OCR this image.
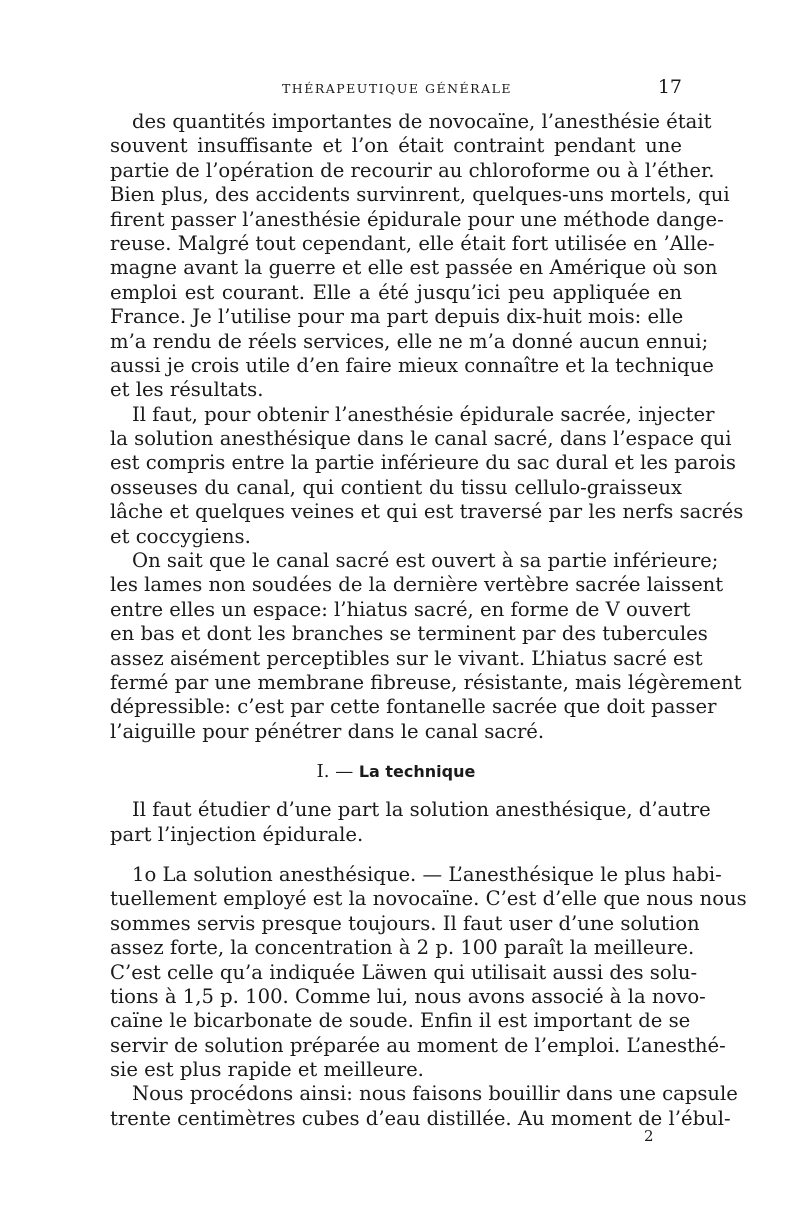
THÉRAPEUTIQUE GÉNÉRALE	17
des quantités importantes de novocaïne, l’anesthésie était
souvent insuffisante et l’on était contraint pendant une
partie de l’opération de recourir au chloroforme ou à l’éther.
Bien plus, des accidents survinrent, quelques-uns mortels, qui
firent passer l’anesthésie épidurale pour une méthode dange-
reuse. Malgré tout cependant, elle était fort utilisée en ’Alle-
magne avant la guerre et elle est passée en Amérique où son
emploi est courant. Elle a été jusqu’ici peu appliquée en
France. Je l’utilise pour ma part depuis dix-huit mois: elle
m’a rendu de réels services, elle ne m’a donné aucun ennui;
aussi je crois utile d’en faire mieux connaître et la technique
et les résultats.
Il faut, pour obtenir l’anesthésie épidurale sacrée, injecter
la solution anesthésique dans le canal sacré, dans l’espace qui
est compris entre la partie inférieure du sac dural et les parois
osseuses du canal, qui contient du tissu cellulo-graisseux
lâche et quelques veines et qui est traversé par les nerfs sacrés
et coccygiens.
On sait que le canal sacré est ouvert à sa partie inférieure;
les lames non soudées de la dernière vertèbre sacrée laissent
entre elles un espace: l’hiatus sacré, en forme de V ouvert
en bas et dont les branches se terminent par des tubercules
assez aisément perceptibles sur le vivant. L’hiatus sacré est
fermé par une membrane fibreuse, résistante, mais légèrement
dépressible: c’est par cette fontanelle sacrée que doit passer
l’aiguille pour pénétrer dans le canal sacré.
I. — La technique
Il faut étudier d’une part la solution anesthésique, d’autre
part l’injection épidurale.
1o La solution anesthésique. — L’anesthésique le plus habi-
tuellement employé est la novocaïne. C’est d’elle que nous nous
sommes servis presque toujours. Il faut user d’une solution
assez forte, la concentration à 2 p. 100 paraît la meilleure.
C’est celle qu’a indiquée Läwen qui utilisait aussi des solu-
tions à 1,5 p. 100. Comme lui, nous avons associé à la novo-
caïne le bicarbonate de soude. Enfin il est important de se
servir de solution préparée au moment de l’emploi. L’anesthé-
sie est plus rapide et meilleure.
Nous procédons ainsi: nous faisons bouillir dans une capsule
trente centimètres cubes d’eau distillée. Au moment de l’ébul-
2
